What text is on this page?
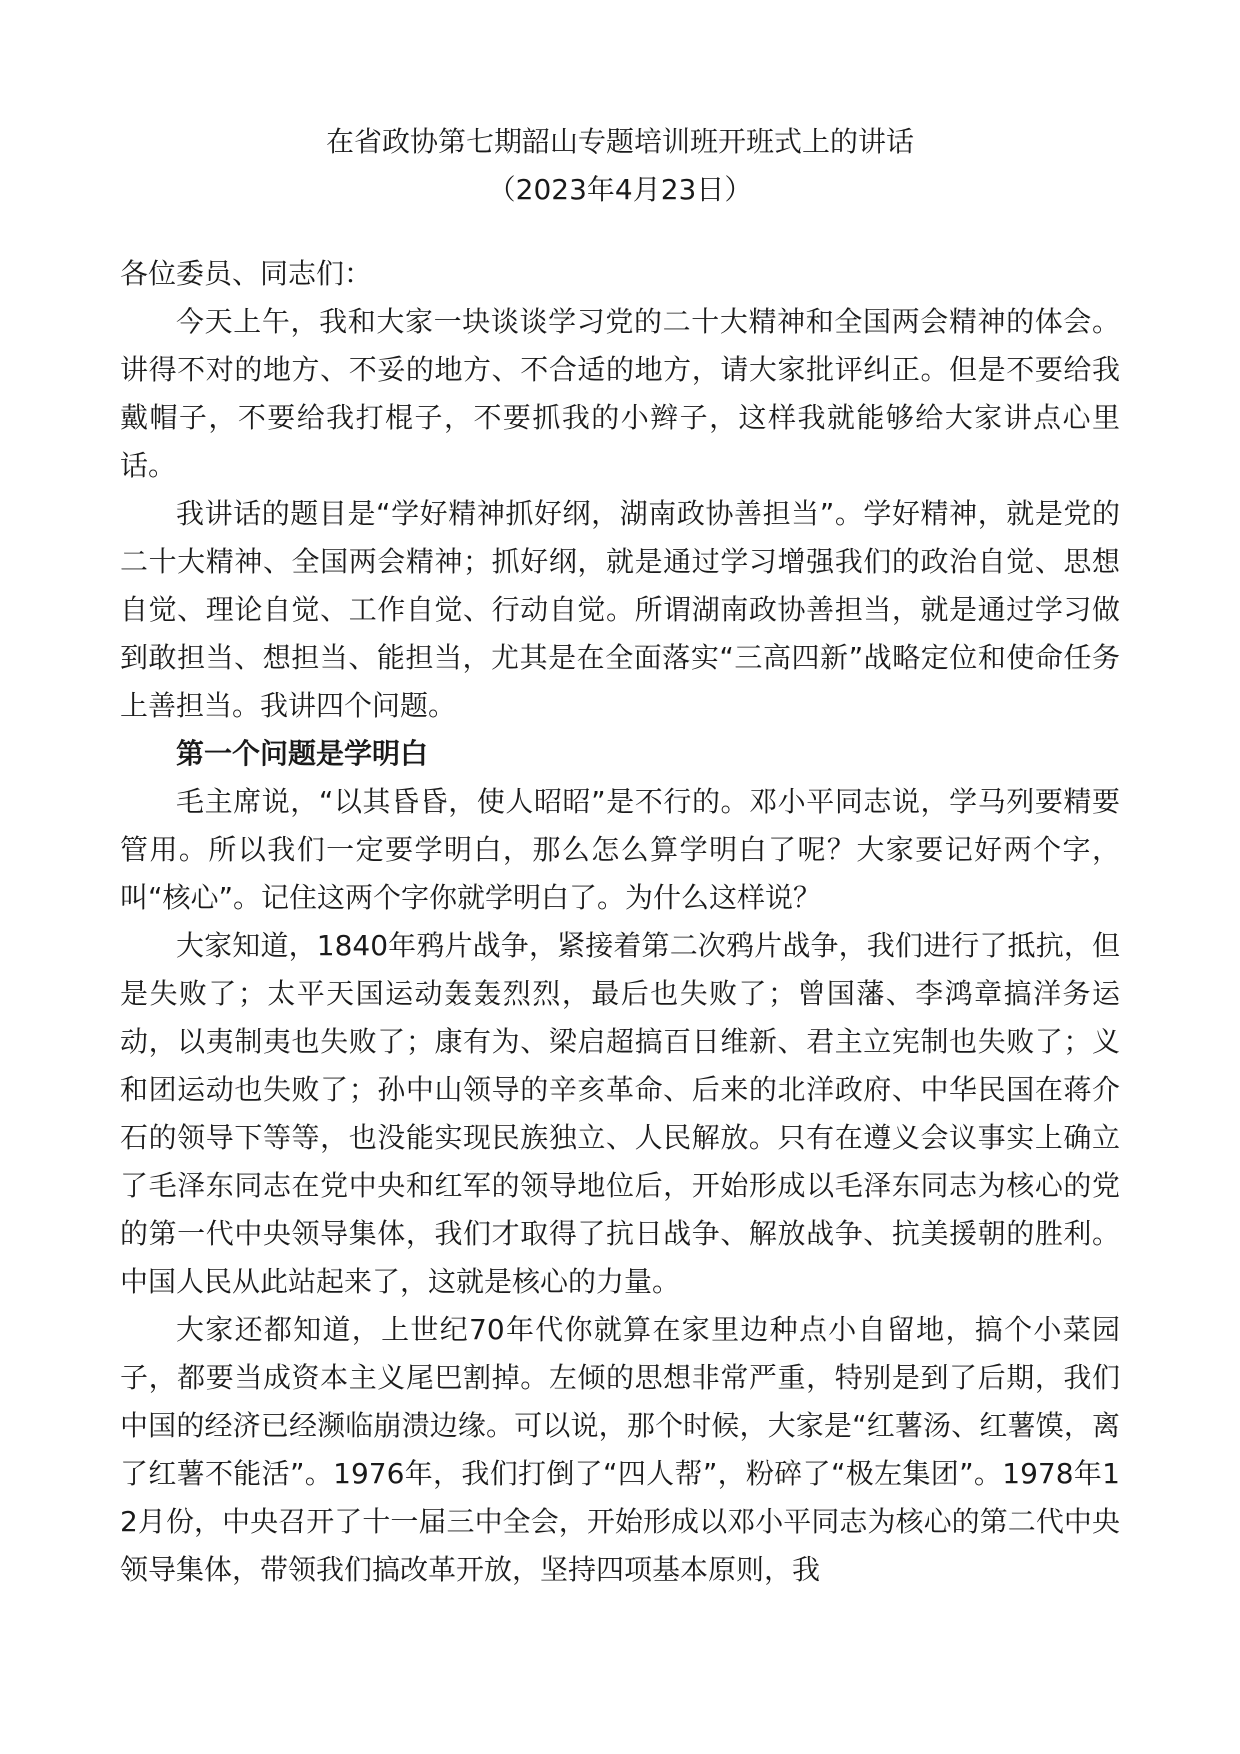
在省政协第七期韶山专题培训班开班式上的讲话

（2023年4月23日）

各位委员、同志们：

今天上午，我和大家一块谈谈学习党的二十大精神和全国两会精神的体会。讲得不对的地方、不妥的地方、不合适的地方，请大家批评纠正。但是不要给我戴帽子，不要给我打棍子，不要抓我的小辫子，这样我就能够给大家讲点心里话。

我讲话的题目是“学好精神抓好纲，湖南政协善担当”。学好精神，就是党的二十大精神、全国两会精神；抓好纲，就是通过学习增强我们的政治自觉、思想自觉、理论自觉、工作自觉、行动自觉。所谓湖南政协善担当，就是通过学习做到敢担当、想担当、能担当，尤其是在全面落实“三高四新”战略定位和使命任务上善担当。我讲四个问题。

第一个问题是学明白

毛主席说，“以其昏昏，使人昭昭”是不行的。邓小平同志说，学马列要精要管用。所以我们一定要学明白，那么怎么算学明白了呢？大家要记好两个字，叫“核心”。记住这两个字你就学明白了。为什么这样说？

大家知道，1840年鸦片战争，紧接着第二次鸦片战争，我们进行了抵抗，但是失败了；太平天国运动轰轰烈烈，最后也失败了；曾国藩、李鸿章搞洋务运动，以夷制夷也失败了；康有为、梁启超搞百日维新、君主立宪制也失败了；义和团运动也失败了；孙中山领导的辛亥革命、后来的北洋政府、中华民国在蒋介石的领导下等等，也没能实现民族独立、人民解放。只有在遵义会议事实上确立了毛泽东同志在党中央和红军的领导地位后，开始形成以毛泽东同志为核心的党的第一代中央领导集体，我们才取得了抗日战争、解放战争、抗美援朝的胜利。中国人民从此站起来了，这就是核心的力量。

大家还都知道，上世纪70年代你就算在家里边种点小自留地，搞个小菜园子，都要当成资本主义尾巴割掉。左倾的思想非常严重，特别是到了后期，我们中国的经济已经濒临崩溃边缘。可以说，那个时候，大家是“红薯汤、红薯馍，离了红薯不能活”。1976年，我们打倒了“四人帮”，粉碎了“极左集团”。1978年12月份，中央召开了十一届三中全会，开始形成以邓小平同志为核心的第二代中央领导集体，带领我们搞改革开放，坚持四项基本原则，我
